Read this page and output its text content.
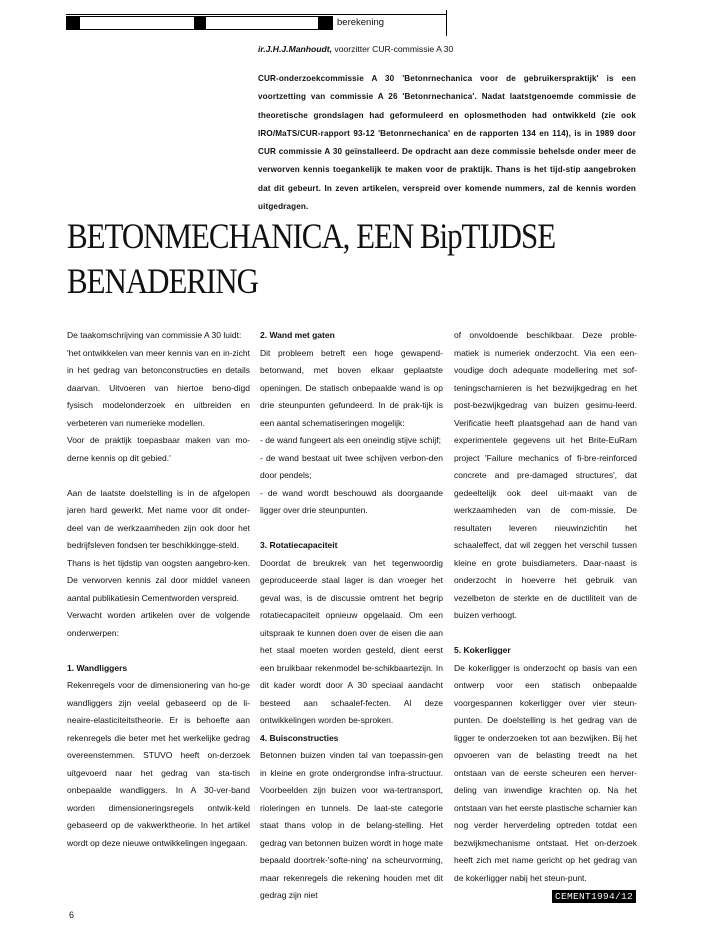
berekening
ir.J.H.J.Manhoudt, voorzitter CUR-commissie A 30
CUR-onderzoekcommissie A 30 'Betonrnechanica voor de gebruikerspraktijk' is een voortzetting van commissie A 26 'Betonrnechanica'. Nadat laatstgenoemde commissie de theoretische grondslagen had geformuleerd en oplosmethoden had ontwikkeld (zie ook IRO/MaTS/CUR-rapport 93-12 'Betonrnechanica' en de rapporten 134 en 114), is in 1989 door CUR commissie A 30 geïnstalleerd. De opdracht aan deze commissie behelsde onder meer de verworven kennis toegankelijk te maken voor de praktijk. Thans is het tijd-stip aangebroken dat dit gebeurt. In zeven artikelen, verspreid over komende nummers, zal de kennis worden uitgedragen.
BETONMECHANICA, EEN BipTIJDSE
BENADERING

De taakomschrijving van commissie A 30 luidt:

'het ontwikkelen van meer kennis van en in-zicht in het gedrag van betonconstructies en details daarvan. Uitvoeren van hiertoe beno-digd fysisch modelonderzoek en uitbreiden en verbeteren van numerieke modellen.

Voor de praktijk toepasbaar maken van mo-derne kennis op dit gebied.'

Aan de laatste doelstelling is in de afgelopen jaren hard gewerkt. Met name voor dit onder-deel van de werkzaamheden zijn ook door het bedrijfsleven fondsen ter beschikkingge-steld.

Thans is het tijdstip van oogsten aangebro-ken. De verworven kennis zal door middel vaneen aantal publikatiesin Cementworden verspreid.

Verwacht worden artikelen over de volgende onderwerpen:

1. Wandliggers

Rekenregels voor de dimensionering van ho-ge wandliggers zijn veelal gebaseerd op de li-neaire-elasticiteitstheorie. Er is behoefte aan rekenregels die beter met het werkelijke gedrag overeenstemmen. STUVO heeft on-derzoek uitgevoerd naar het gedrag van sta-tisch onbepaalde wandliggers. In A 30-ver-band worden dimensioneringsregels ontwik-keld gebaseerd op de vakwerktheorie. In het artikel wordt op deze nieuwe ontwikkelingen ingegaan.

2. Wand met gaten

Dit probleem betreft een hoge gewapend-betonwand, met boven elkaar geplaatste openingen. De statisch onbepaalde wand is op drie steunpunten gefundeerd. In de prak-tijk is een aantal schematiseringen mogelijk:

- de wand fungeert als een oneindig stijve schijf;

- de wand bestaat uit twee schijven verbon-den door pendels;

- de wand wordt beschouwd als doorgaande ligger over drie steunpunten.

3. Rotatiecapaciteit

Doordat de breukrek van het tegenwoordig geproduceerde staal lager is dan vroeger het geval was, is de discussie omtrent het begrip rotatiecapaciteit opnieuw opgelaaid. Om een uitspraak te kunnen doen over de eisen die aan het staal moeten worden gesteld, dient eerst een bruikbaar rekenmodel be-schikbaartezijn. In dit kader wordt door A 30 speciaal aandacht besteed aan schaalef-fecten. Al deze ontwikkelingen worden be-sproken.

4. Buisconstructies

Betonnen buizen vinden tal van toepassin-gen in kleine en grote ondergrondse infra-structuur. Voorbeelden zijn buizen voor wa-tertransport, rioleringen en tunnels. De laat-ste categorie staat thans volop in de belang-stelling. Het gedrag van betonnen buizen wordt in hoge mate bepaald doortrek-'softe-ning' na scheurvorming, maar rekenregels die rekening houden met dit gedrag zijn niet

of onvoldoende beschikbaar. Deze proble-matiek is numeriek onderzocht. Via een een-voudige doch adequate modellering met sof-teningscharnieren is het bezwijkgedrag en het post-bezwijkgedrag van buizen gesimu-leerd. Verificatie heeft plaatsgehad aan de hand van experimentele gegevens uit het Brite-EuRam project 'Failure mechanics of fi-bre-reinforced concrete and pre-damaged structures', dat gedeeltelijk ook deel uit-maakt van de werkzaamheden van de com-missie. De resultaten leveren nieuwinzichtin het schaaleffect, dat wil zeggen het verschil tussen kleine en grote buisdiameters. Daar-naast is onderzocht in hoeverre het gebruik van vezelbeton de sterkte en de ductiliteit van de buizen verhoogt.

5. Kokerligger

De kokerligger is onderzocht op basis van een ontwerp voor een statisch onbepaalde voorgespannen kokerligger over vier steun-punten. De doelstelling is het gedrag van de ligger te onderzoeken tot aan bezwijken. Bij het opvoeren van de belasting treedt na het ontstaan van de eerste scheuren een herver-deling van inwendige krachten op. Na het ontstaan van het eerste plastische scharnier kan nog verder herverdeling optreden totdat een bezwijkmechanisme ontstaat. Het on-derzoek heeft zich met name gericht op het gedrag van de kokerligger nabij het steun-punt.

CEMENT1994/12
6
